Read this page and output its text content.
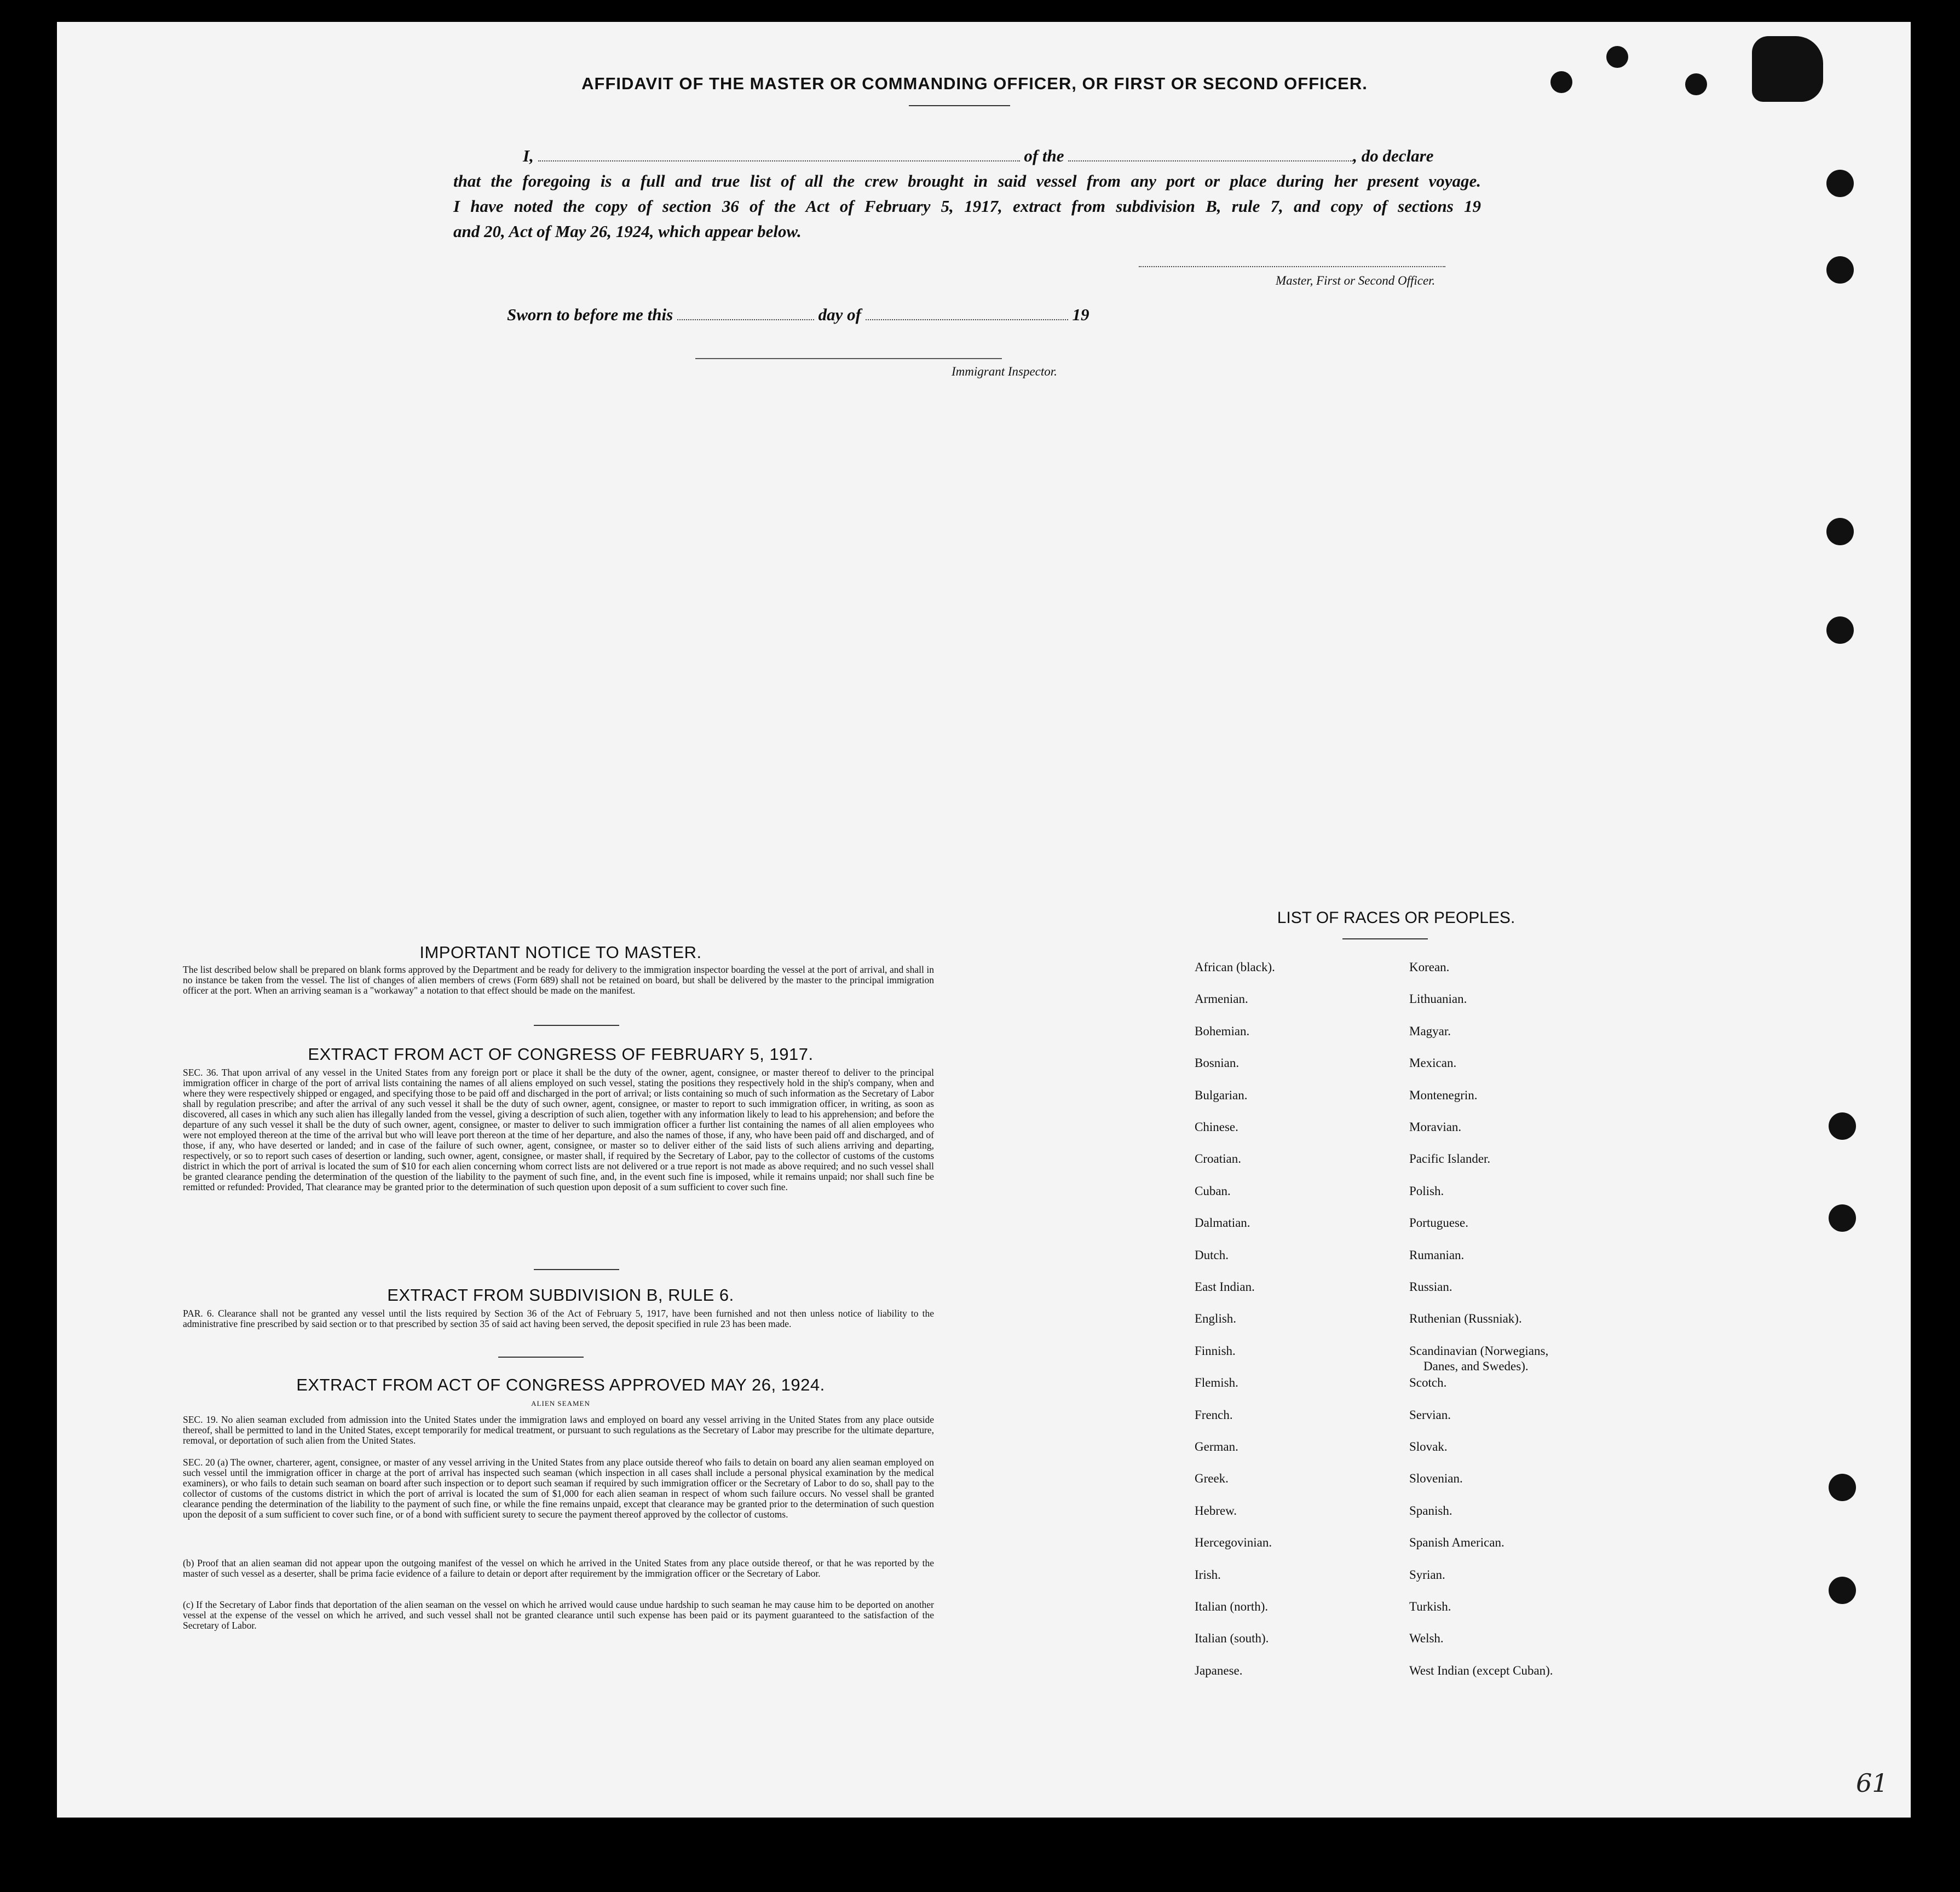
AFFIDAVIT OF THE MASTER OR COMMANDING OFFICER, OR FIRST OR SECOND OFFICER.
I,	of the	, do declare
that the foregoing is a full and true list of all the crew brought in said vessel from any port or place during her present voyage.
I have noted the copy of section 36 of the Act of February 5, 1917, extract from subdivision B, rule 7, and copy of sections 19
and 20, Act of May 26, 1924, which appear below.
Master, First or Second Officer.
Sworn to before me this	day of	19
Immigrant Inspector.
IMPORTANT NOTICE TO MASTER.
The list described below shall be prepared on blank forms approved by the Department and be ready for delivery to the immigration inspector boarding the vessel at the port of arrival, and shall in no instance be taken from the vessel. The list of changes of alien members of crews (Form 689) shall not be retained on board, but shall be delivered by the master to the principal immigration officer at the port. When an arriving seaman is a "workaway" a notation to that effect should be made on the manifest.
EXTRACT FROM ACT OF CONGRESS OF FEBRUARY 5, 1917.
SEC. 36. That upon arrival of any vessel in the United States from any foreign port or place it shall be the duty of the owner, agent, consignee, or master thereof to deliver to the principal immigration officer in charge of the port of arrival lists containing the names of all aliens employed on such vessel, stating the positions they respectively hold in the ship's company, when and where they were respectively shipped or engaged, and specifying those to be paid off and discharged in the port of arrival; or lists containing so much of such information as the Secretary of Labor shall by regulation prescribe; and after the arrival of any such vessel it shall be the duty of such owner, agent, consignee, or master to report to such immigration officer, in writing, as soon as discovered, all cases in which any such alien has illegally landed from the vessel, giving a description of such alien, together with any information likely to lead to his apprehension; and before the departure of any such vessel it shall be the duty of such owner, agent, consignee, or master to deliver to such immigration officer a further list containing the names of all alien employees who were not employed thereon at the time of the arrival but who will leave port thereon at the time of her departure, and also the names of those, if any, who have been paid off and discharged, and of those, if any, who have deserted or landed; and in case of the failure of such owner, agent, consignee, or master so to deliver either of the said lists of such aliens arriving and departing, respectively, or so to report such cases of desertion or landing, such owner, agent, consignee, or master shall, if required by the Secretary of Labor, pay to the collector of customs of the customs district in which the port of arrival is located the sum of $10 for each alien concerning whom correct lists are not delivered or a true report is not made as above required; and no such vessel shall be granted clearance pending the determination of the question of the liability to the payment of such fine, and, in the event such fine is imposed, while it remains unpaid; nor shall such fine be remitted or refunded: Provided, That clearance may be granted prior to the determination of such question upon deposit of a sum sufficient to cover such fine.
EXTRACT FROM SUBDIVISION B, RULE 6.
PAR. 6. Clearance shall not be granted any vessel until the lists required by Section 36 of the Act of February 5, 1917, have been furnished and not then unless notice of liability to the administrative fine prescribed by said section or to that prescribed by section 35 of said act having been served, the deposit specified in rule 23 has been made.
EXTRACT FROM ACT OF CONGRESS APPROVED MAY 26, 1924.
ALIEN SEAMEN
SEC. 19. No alien seaman excluded from admission into the United States under the immigration laws and employed on board any vessel arriving in the United States from any place outside thereof, shall be permitted to land in the United States, except temporarily for medical treatment, or pursuant to such regulations as the Secretary of Labor may prescribe for the ultimate departure, removal, or deportation of such alien from the United States.
SEC. 20 (a) The owner, charterer, agent, consignee, or master of any vessel arriving in the United States from any place outside thereof who fails to detain on board any alien seaman employed on such vessel until the immigration officer in charge at the port of arrival has inspected such seaman (which inspection in all cases shall include a personal physical examination by the medical examiners), or who fails to detain such seaman on board after such inspection or to deport such seaman if required by such immigration officer or the Secretary of Labor to do so, shall pay to the collector of customs of the customs district in which the port of arrival is located the sum of $1,000 for each alien seaman in respect of whom such failure occurs. No vessel shall be granted clearance pending the determination of the liability to the payment of such fine, or while the fine remains unpaid, except that clearance may be granted prior to the determination of such question upon the deposit of a sum sufficient to cover such fine, or of a bond with sufficient surety to secure the payment thereof approved by the collector of customs.
(b) Proof that an alien seaman did not appear upon the outgoing manifest of the vessel on which he arrived in the United States from any place outside thereof, or that he was reported by the master of such vessel as a deserter, shall be prima facie evidence of a failure to detain or deport after requirement by the immigration officer or the Secretary of Labor.
(c) If the Secretary of Labor finds that deportation of the alien seaman on the vessel on which he arrived would cause undue hardship to such seaman he may cause him to be deported on another vessel at the expense of the vessel on which he arrived, and such vessel shall not be granted clearance until such expense has been paid or its payment guaranteed to the satisfaction of the Secretary of Labor.
LIST OF RACES OR PEOPLES.
African (black).
Armenian.
Bohemian.
Bosnian.
Bulgarian.
Chinese.
Croatian.
Cuban.
Dalmatian.
Dutch.
East Indian.
English.
Finnish.
Flemish.
French.
German.
Greek.
Hebrew.
Hercegovinian.
Irish.
Italian (north).
Italian (south).
Japanese.
Korean.
Lithuanian.
Magyar.
Mexican.
Montenegrin.
Moravian.
Pacific Islander.
Polish.
Portuguese.
Rumanian.
Russian.
Ruthenian (Russniak).
Scandinavian (Norwegians,
Danes, and Swedes).
Scotch.
Servian.
Slovak.
Slovenian.
Spanish.
Spanish American.
Syrian.
Turkish.
Welsh.
West Indian (except Cuban).
61
